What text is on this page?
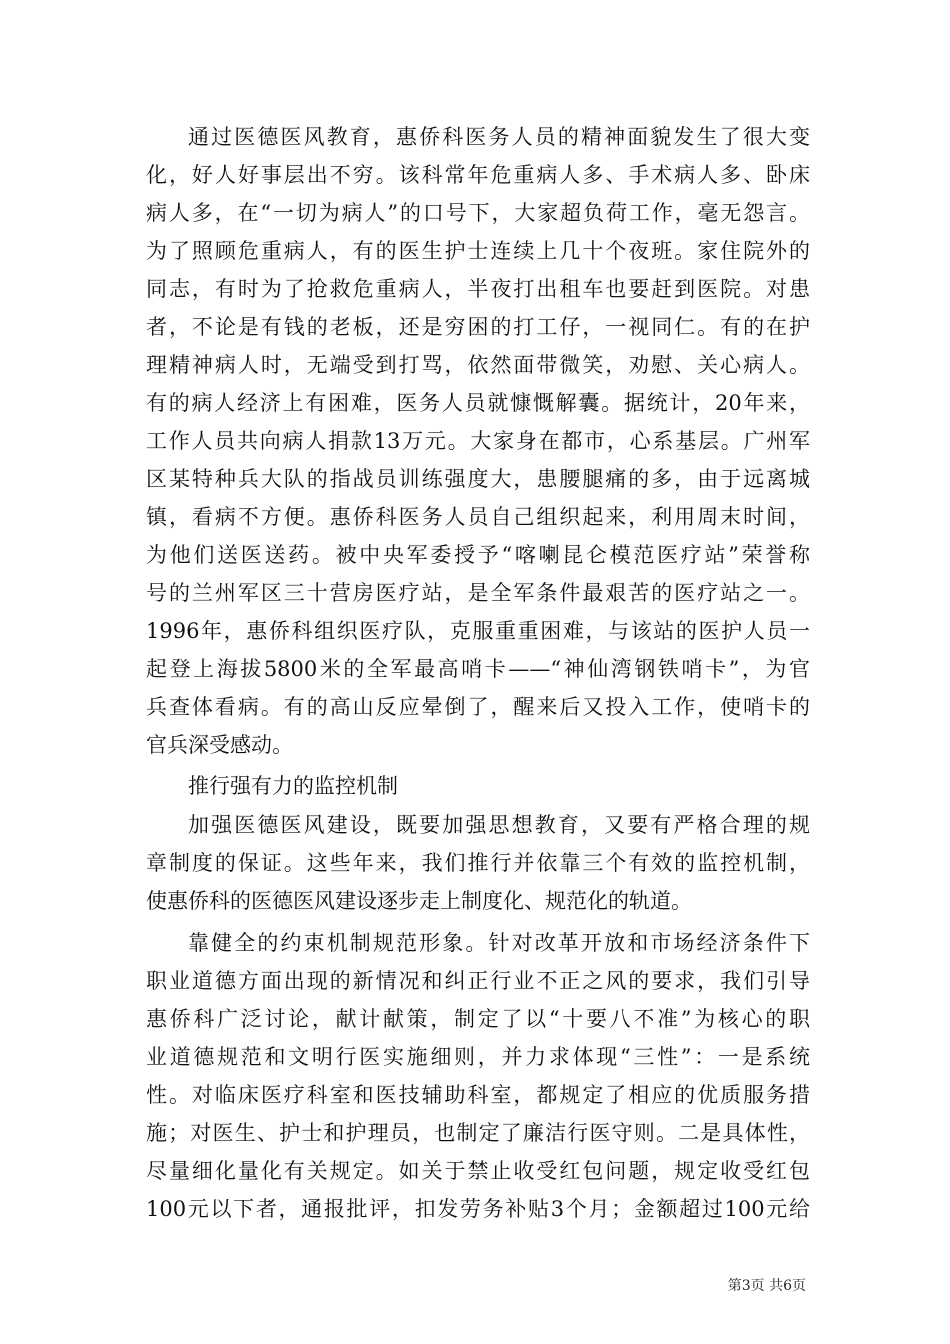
通过医德医风教育，惠侨科医务人员的精神面貌发生了很大变
化，好人好事层出不穷。该科常年危重病人多、手术病人多、卧床
病人多，在“一切为病人”的口号下，大家超负荷工作，毫无怨言。
为了照顾危重病人，有的医生护士连续上几十个夜班。家住院外的
同志，有时为了抢救危重病人，半夜打出租车也要赶到医院。对患
者，不论是有钱的老板，还是穷困的打工仔，一视同仁。有的在护
理精神病人时，无端受到打骂，依然面带微笑，劝慰、关心病人。
有的病人经济上有困难，医务人员就慷慨解囊。据统计，20年来，
工作人员共向病人捐款13万元。大家身在都市，心系基层。广州军
区某特种兵大队的指战员训练强度大，患腰腿痛的多，由于远离城
镇，看病不方便。惠侨科医务人员自己组织起来，利用周末时间，
为他们送医送药。被中央军委授予“喀喇昆仑模范医疗站”荣誉称
号的兰州军区三十营房医疗站，是全军条件最艰苦的医疗站之一。
1996年，惠侨科组织医疗队，克服重重困难，与该站的医护人员一
起登上海拔5800米的全军最高哨卡——“神仙湾钢铁哨卡”，为官
兵查体看病。有的高山反应晕倒了，醒来后又投入工作，使哨卡的
官兵深受感动。
推行强有力的监控机制
加强医德医风建设，既要加强思想教育，又要有严格合理的规
章制度的保证。这些年来，我们推行并依靠三个有效的监控机制，
使惠侨科的医德医风建设逐步走上制度化、规范化的轨道。
靠健全的约束机制规范形象。针对改革开放和市场经济条件下
职业道德方面出现的新情况和纠正行业不正之风的要求，我们引导
惠侨科广泛讨论，献计献策，制定了以“十要八不准”为核心的职
业道德规范和文明行医实施细则，并力求体现“三性”：一是系统
性。对临床医疗科室和医技辅助科室，都规定了相应的优质服务措
施；对医生、护士和护理员，也制定了廉洁行医守则。二是具体性，
尽量细化量化有关规定。如关于禁止收受红包问题，规定收受红包
100元以下者，通报批评，扣发劳务补贴3个月；金额超过100元给
第3页 共6页
